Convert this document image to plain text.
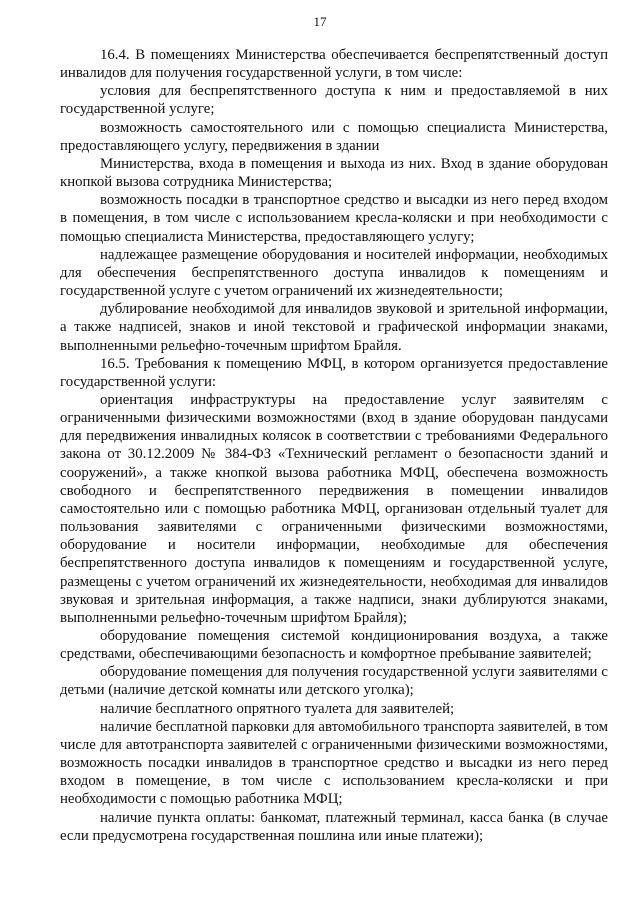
17

16.4. В помещениях Министерства обеспечивается беспрепятственный доступ инвалидов для получения государственной услуги, в том числе:

условия для беспрепятственного доступа к ним и предоставляемой в них государственной услуге;

возможность самостоятельного или с помощью специалиста Министерства, предоставляющего услугу, передвижения в здании

Министерства, входа в помещения и выхода из них. Вход в здание оборудован кнопкой вызова сотрудника Министерства;

возможность посадки в транспортное средство и высадки из него перед входом в помещения, в том числе с использованием кресла-коляски и при необходимости с помощью специалиста Министерства, предоставляющего услугу;

надлежащее размещение оборудования и носителей информации, необходимых для обеспечения беспрепятственного доступа инвалидов к помещениям и государственной услуге с учетом ограничений их жизнедеятельности;

дублирование необходимой для инвалидов звуковой и зрительной информации, а также надписей, знаков и иной текстовой и графической информации знаками, выполненными рельефно-точечным шрифтом Брайля.

16.5. Требования к помещению МФЦ, в котором организуется предоставление государственной услуги:

ориентация инфраструктуры на предоставление услуг заявителям с ограниченными физическими возможностями (вход в здание оборудован пандусами для передвижения инвалидных колясок в соответствии с требованиями Федерального закона от 30.12.2009 № 384-ФЗ «Технический регламент о безопасности зданий и сооружений», а также кнопкой вызова работника МФЦ, обеспечена возможность свободного и беспрепятственного передвижения в помещении инвалидов самостоятельно или с помощью работника МФЦ, организован отдельный туалет для пользования заявителями с ограниченными физическими возможностями, оборудование и носители информации, необходимые для обеспечения беспрепятственного доступа инвалидов к помещениям и государственной услуге, размещены с учетом ограничений их жизнедеятельности, необходимая для инвалидов звуковая и зрительная информация, а также надписи, знаки дублируются знаками, выполненными рельефно-точечным шрифтом Брайля);

оборудование помещения системой кондиционирования воздуха, а также средствами, обеспечивающими безопасность и комфортное пребывание заявителей;

оборудование помещения для получения государственной услуги заявителями с детьми (наличие детской комнаты или детского уголка);

наличие бесплатного опрятного туалета для заявителей;

наличие бесплатной парковки для автомобильного транспорта заявителей, в том числе для автотранспорта заявителей с ограниченными физическими возможностями, возможность посадки инвалидов в транспортное средство и высадки из него перед входом в помещение, в том числе с использованием кресла-коляски и при необходимости с помощью работника МФЦ;

наличие пункта оплаты: банкомат, платежный терминал, касса банка (в случае если предусмотрена государственная пошлина или иные платежи);
